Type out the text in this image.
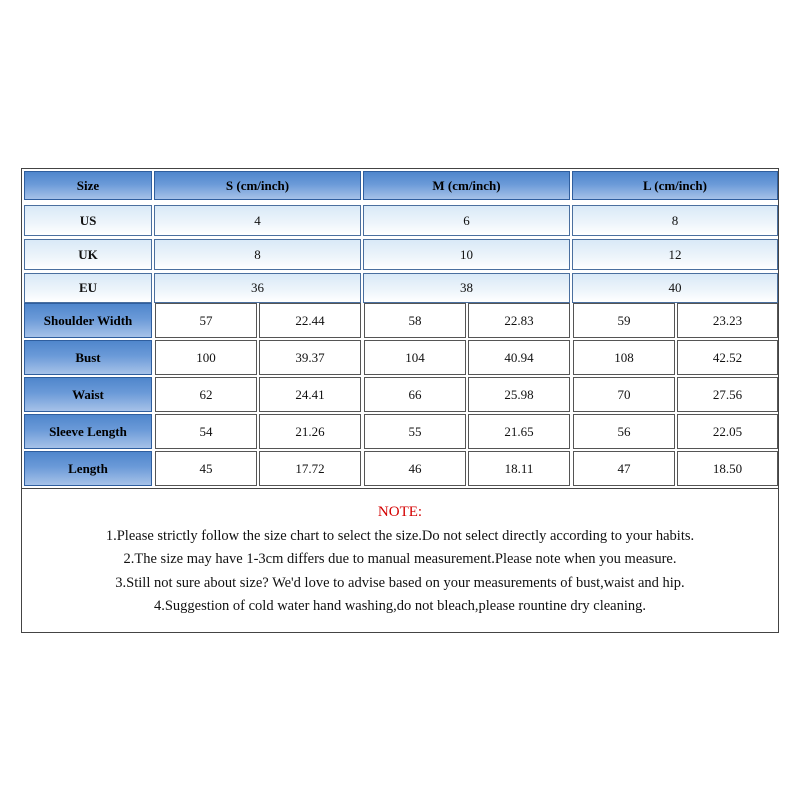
Size	S (cm/inch)	M (cm/inch)	L (cm/inch)
US	4	6	8
UK	8	10	12
EU	36	38	40
Shoulder Width	57	22.44	58	22.83	59	23.23
Bust	100	39.37	104	40.94	108	42.52
Waist	62	24.41	66	25.98	70	27.56
Sleeve Length	54	21.26	55	21.65	56	22.05
Length	45	17.72	46	18.11	47	18.50
NOTE:
1.Please strictly follow the size chart to select the size.Do not select directly according to your habits.
2.The size may have 1-3cm differs due to manual measurement.Please note when you measure.
3.Still not sure about size? We'd love to advise based on your measurements of bust,waist and hip.
4.Suggestion of cold water hand washing,do not bleach,please rountine dry cleaning.
